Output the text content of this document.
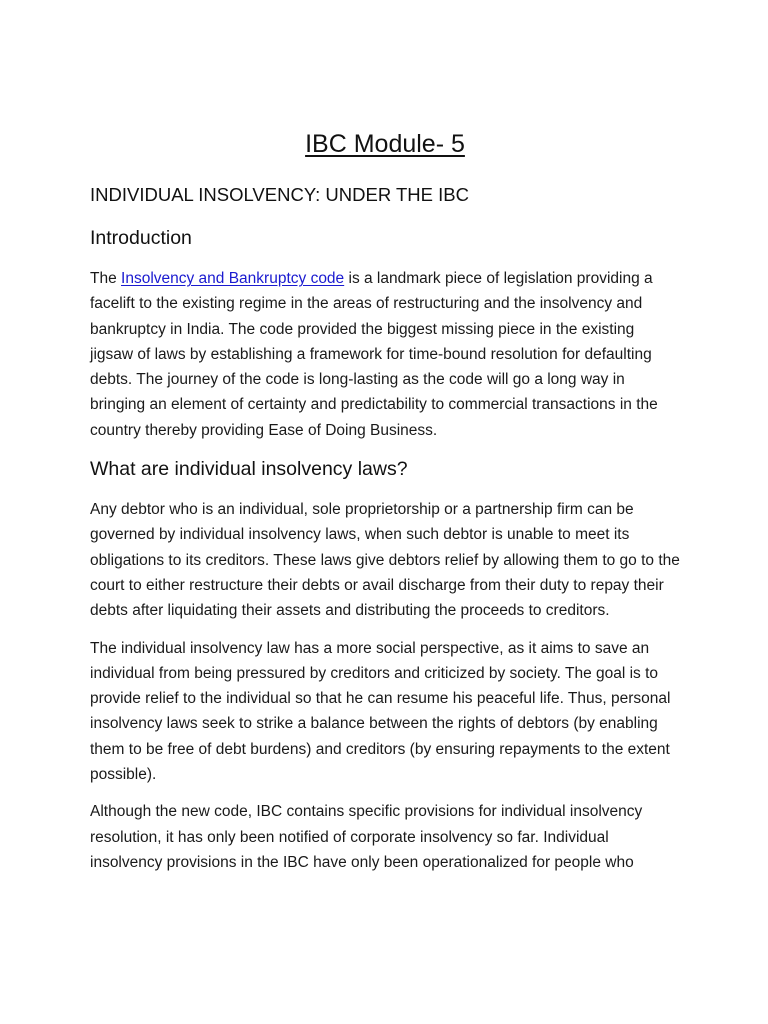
IBC Module- 5
INDIVIDUAL INSOLVENCY: UNDER THE IBC
Introduction

The Insolvency and Bankruptcy code is a landmark piece of legislation providing a facelift to the existing regime in the areas of restructuring and the insolvency and bankruptcy in India. The code provided the biggest missing piece in the existing jigsaw of laws by establishing a framework for time-bound resolution for defaulting debts. The journey of the code is long-lasting as the code will go a long way in bringing an element of certainty and predictability to commercial transactions in the country thereby providing Ease of Doing Business.

What are individual insolvency laws?

Any debtor who is an individual, sole proprietorship or a partnership firm can be governed by individual insolvency laws, when such debtor is unable to meet its obligations to its creditors. These laws give debtors relief by allowing them to go to the court to either restructure their debts or avail discharge from their duty to repay their debts after liquidating their assets and distributing the proceeds to creditors.

The individual insolvency law has a more social perspective, as it aims to save an individual from being pressured by creditors and criticized by society. The goal is to provide relief to the individual so that he can resume his peaceful life. Thus, personal insolvency laws seek to strike a balance between the rights of debtors (by enabling them to be free of debt burdens) and creditors (by ensuring repayments to the extent possible).

Although the new code, IBC contains specific provisions for individual insolvency resolution, it has only been notified of corporate insolvency so far. Individual insolvency provisions in the IBC have only been operationalized for people who
